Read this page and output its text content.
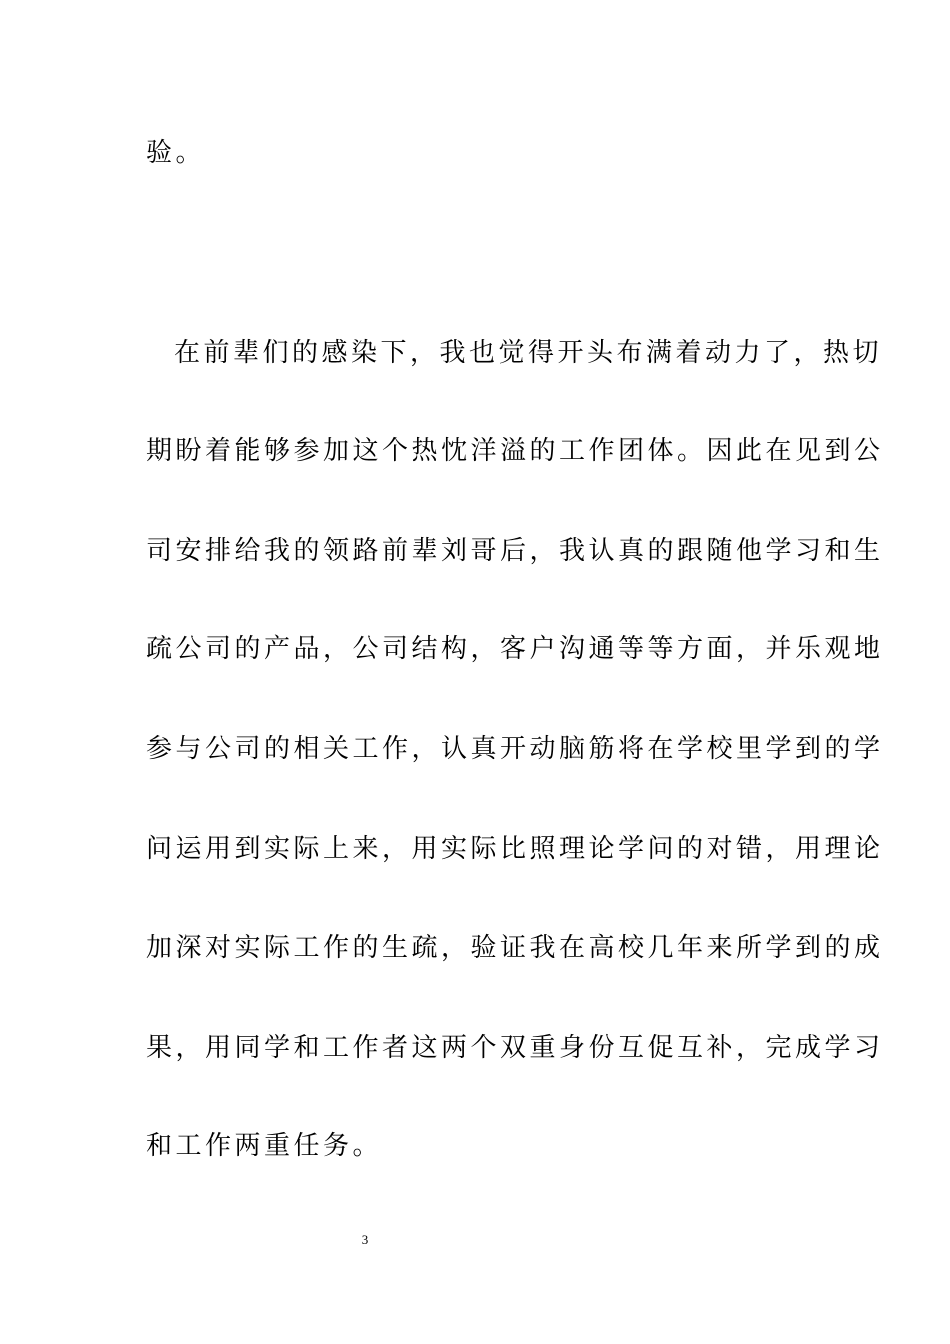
验。
在前辈们的感染下，我也觉得开头布满着动力了，热切
期盼着能够参加这个热忱洋溢的工作团体。因此在见到公
司安排给我的领路前辈刘哥后，我认真的跟随他学习和生
疏公司的产品，公司结构，客户沟通等等方面，并乐观地
参与公司的相关工作，认真开动脑筋将在学校里学到的学
问运用到实际上来，用实际比照理论学问的对错，用理论
加深对实际工作的生疏，验证我在高校几年来所学到的成
果，用同学和工作者这两个双重身份互促互补，完成学习
和工作两重任务。
3
